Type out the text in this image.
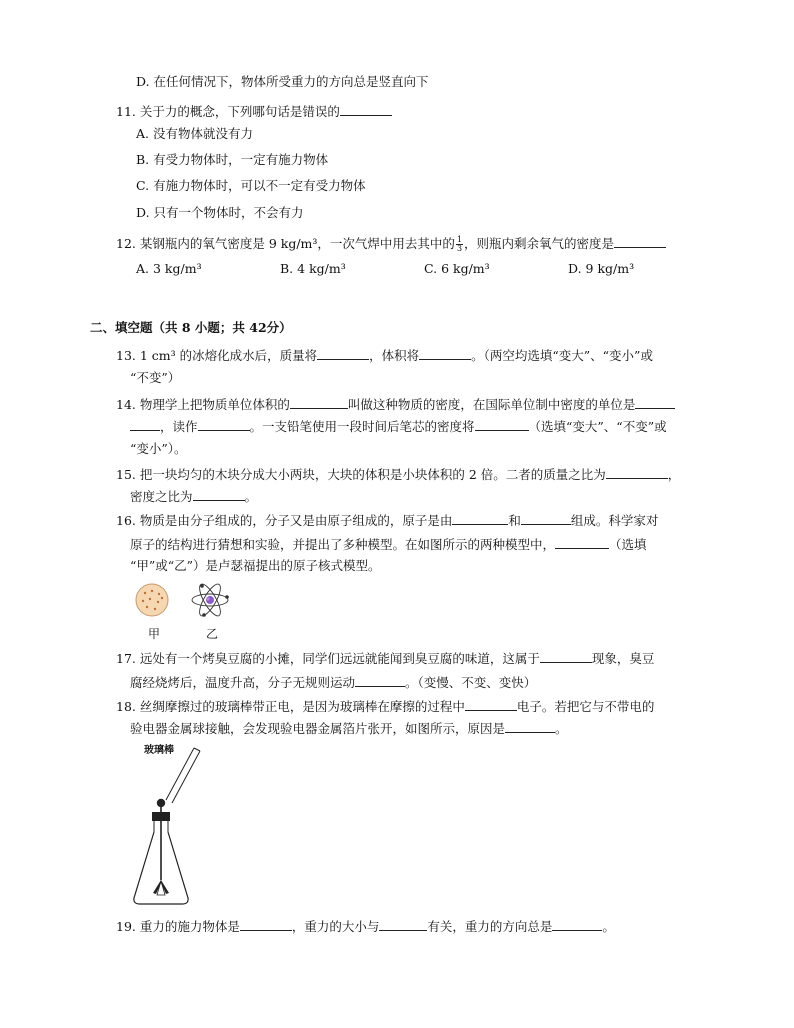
D. 在任何情况下，物体所受重力的方向总是竖直向下
11. 关于力的概念，下列哪句话是错误的
A. 没有物体就没有力
B. 有受力物体时，一定有施力物体
C. 有施力物体时，可以不一定有受力物体
D. 只有一个物体时，不会有力
12. 某钢瓶内的氧气密度是 9 kg/m³，一次气焊中用去其中的 $\frac{1}{3}$ ，则瓶内剩余氧气的密度是
A. 3 kg/m³	B. 4 kg/m³	C. 6 kg/m³	D. 9 kg/m³
二、填空题（共 8 小题；共 42分）
13. 1 cm³ 的冰熔化成水后，质量将	，体积将	。（两空均选填“变大”、“变小”或
“不变”）
14. 物理学上把物质单位体积的	叫做这种物质的密度，在国际单位制中密度的单位是
，读作	。一支铅笔使用一段时间后笔芯的密度将	（选填“变大”、“不变”或
“变小”）。
15. 把一块均匀的木块分成大小两块，大块的体积是小块体积的 2 倍。二者的质量之比为	，
密度之比为	。
16. 物质是由分子组成的，分子又是由原子组成的，原子是由	和	组成。科学家对
原子的结构进行猜想和实验，并提出了多种模型。在如图所示的两种模型中，	（选填
“甲”或“乙”）是卢瑟福提出的原子核式模型。
甲	乙
17. 远处有一个烤臭豆腐的小摊，同学们远远就能闻到臭豆腐的味道，这属于	现象，臭豆
腐经烧烤后，温度升高，分子无规则运动	。（变慢、不变、变快）
18. 丝绸摩擦过的玻璃棒带正电，是因为玻璃棒在摩擦的过程中	电子。若把它与不带电的
验电器金属球接触，会发现验电器金属箔片张开，如图所示，原因是	。
玻璃棒
19. 重力的施力物体是	，重力的大小与	有关，重力的方向总是	。
